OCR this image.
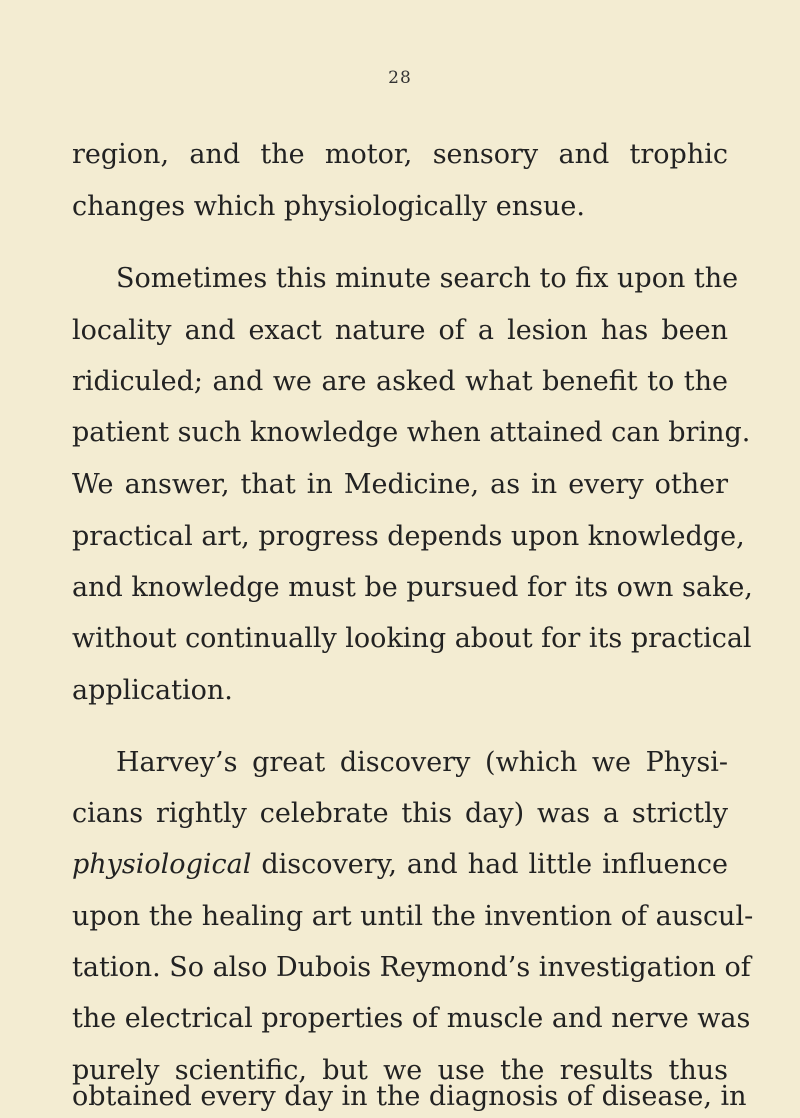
28
region, and the motor, sensory and trophic
changes which physiologically ensue.
Sometimes this minute search to fix upon the
locality and exact nature of a lesion has been
ridiculed; and we are asked what benefit to the
patient such knowledge when attained can bring.
We answer, that in Medicine, as in every other
practical art, progress depends upon knowledge,
and knowledge must be pursued for its own sake,
without continually looking about for its practical
application.
Harvey’s great discovery (which we Physi-
cians rightly celebrate this day) was a strictly
physiological discovery, and had little influence
upon the healing art until the invention of auscul-
tation. So also Dubois Reymond’s investigation of
the electrical properties of muscle and nerve was
purely scientific, but we use the results thus
obtained every day in the diagnosis of disease, in
